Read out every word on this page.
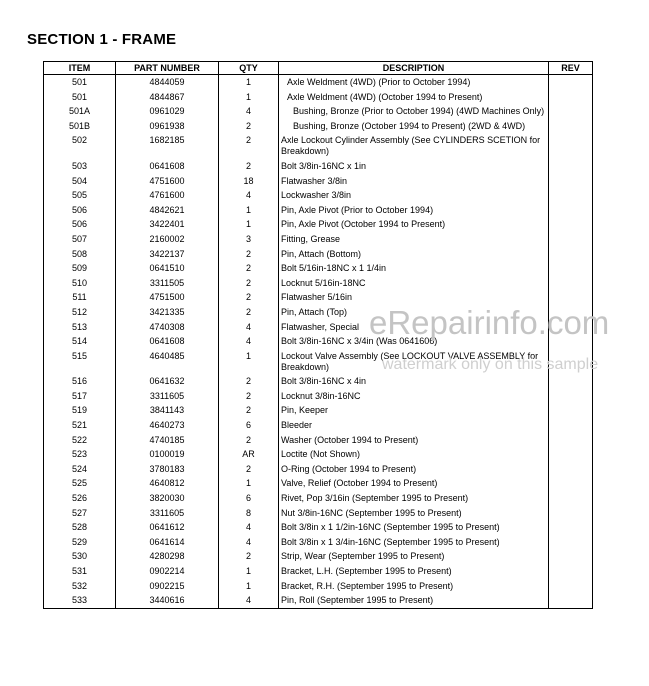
SECTION 1 - FRAME
ITEM	PART NUMBER	QTY	DESCRIPTION	REV
501	4844059	1	Axle Weldment (4WD) (Prior to October 1994)	
501	4844867	1	Axle Weldment (4WD) (October 1994 to Present)	
501A	0961029	4	Bushing, Bronze (Prior to October 1994) (4WD Machines Only)	
501B	0961938	2	Bushing, Bronze (October 1994 to Present) (2WD & 4WD)	
502	1682185	2	Axle Lockout Cylinder Assembly (See CYLINDERS SCETION for Breakdown)	
503	0641608	2	Bolt 3/8in-16NC x 1in	
504	4751600	18	Flatwasher 3/8in	
505	4761600	4	Lockwasher 3/8in	
506	4842621	1	Pin, Axle Pivot (Prior to October 1994)	
506	3422401	1	Pin, Axle Pivot (October 1994 to Present)	
507	2160002	3	Fitting, Grease	
508	3422137	2	Pin, Attach (Bottom)	
509	0641510	2	Bolt 5/16in-18NC x 1 1/4in	
510	3311505	2	Locknut 5/16in-18NC	
511	4751500	2	Flatwasher 5/16in	
512	3421335	2	Pin, Attach (Top)	
513	4740308	4	Flatwasher, Special	
514	0641608	4	Bolt 3/8in-16NC x 3/4in (Was 0641606)	
515	4640485	1	Lockout Valve Assembly (See LOCKOUT VALVE ASSEMBLY for Breakdown)	
516	0641632	2	Bolt 3/8in-16NC x 4in	
517	3311605	2	Locknut 3/8in-16NC	
519	3841143	2	Pin, Keeper	
521	4640273	6	Bleeder	
522	4740185	2	Washer (October 1994 to Present)	
523	0100019	AR	Loctite (Not Shown)	
524	3780183	2	O-Ring (October 1994 to Present)	
525	4640812	1	Valve, Relief (October 1994 to Present)	
526	3820030	6	Rivet, Pop 3/16in (September 1995 to Present)	
527	3311605	8	Nut 3/8in-16NC (September 1995 to Present)	
528	0641612	4	Bolt 3/8in x 1 1/2in-16NC (September 1995 to Present)	
529	0641614	4	Bolt 3/8in x 1 3/4in-16NC (September 1995 to Present)	
530	4280298	2	Strip, Wear (September 1995 to Present)	
531	0902214	1	Bracket, L.H. (September 1995 to Present)	
532	0902215	1	Bracket, R.H. (September 1995 to Present)	
533	3440616	4	Pin, Roll (September 1995 to Present)	
eRepairinfo.com
watermark only on this sample
